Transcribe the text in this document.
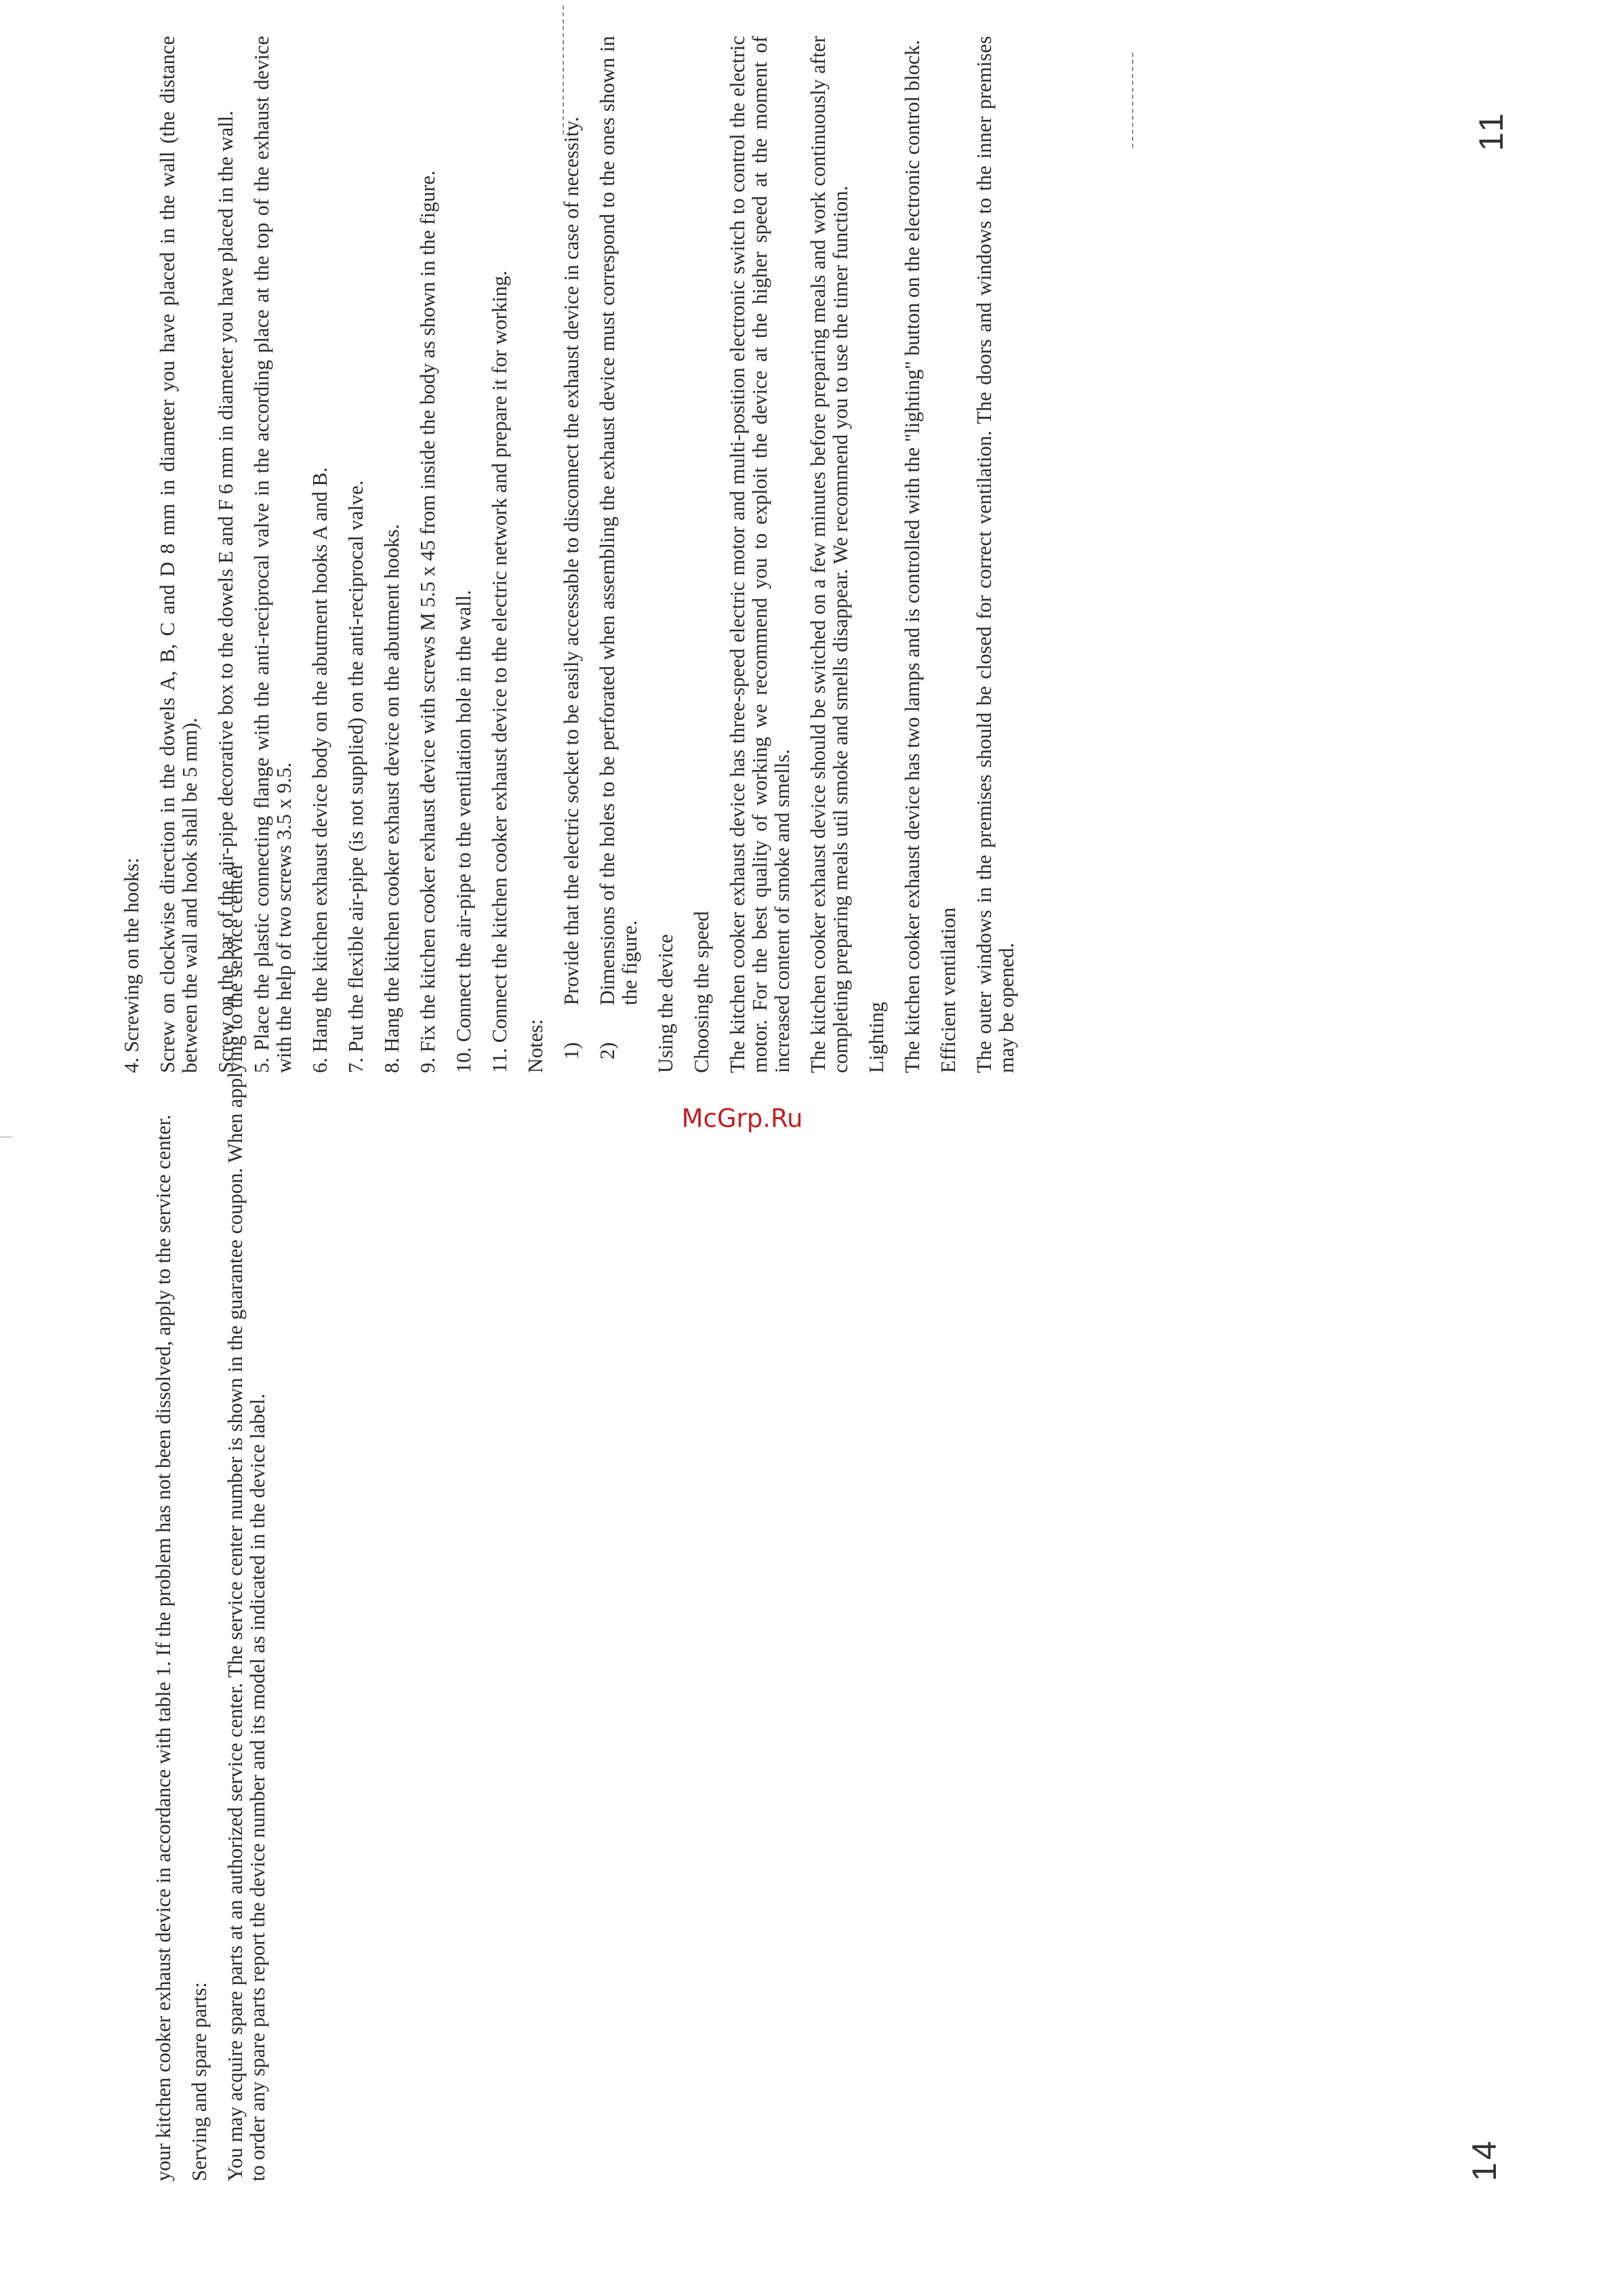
your kitchen cooker exhaust device in accordance with table 1. If the problem has not been dissolved, apply to the service center. Serving and spare parts: You may acquire spare parts at an authorized service center. The service center number is shown in the guarantee coupon. When applying to the service center to order any spare parts report the device number and its model as indicated in the device label.	14

4. Screwing on the hooks: Screw on clockwise direction in the dowels A, B, C and D 8 mm in diameter you have placed in the wall (the distance between the wall and hook shall be 5 mm). Screw on the bar of the air-pipe decorative box to the dowels E and F 6 mm in diameter you have placed in the wall. 5. Place the plastic connecting flange with the anti-reciprocal valve in the according place at the top of the exhaust device with the help of two screws 3.5 x 9.5. 6. Hang the kitchen exhaust device body on the abutment hooks A and B. 7. Put the flexible air-pipe (is not supplied) on the anti-reciprocal valve. 8. Hang the kitchen cooker exhaust device on the abutment hooks. 9. Fix the kitchen cooker exhaust device with screws M 5.5 x 45 from inside the body as shown in the figure. 10. Connect the air-pipe to the ventilation hole in the wall. 11. Connect the kitchen cooker exhaust device to the electric network and prepare it for working. Notes: 1)
Provide that the electric socket to be easily accessable to disconnect the exhaust device in case of necessity.
2)
Dimensions of the holes to be perforated when assembling the exhaust device must correspond to the ones shown in the figure. Using the device Choosing the speed The kitchen cooker exhaust device has three-speed electric motor and multi-position electronic switch to control the electric motor. For the best quality of working we recommend you to exploit the device at the higher speed at the moment of increased content of smoke and smells. The kitchen cooker exhaust device should be switched on a few minutes before preparing meals and work continuously after completing preparing meals util smoke and smells disappear. We recommend you to use the timer function. Lighting The kitchen cooker exhaust device has two lamps and is controlled with the "lighting" button on the electronic control block. Efficient ventilation The outer windows in the premises should be closed for correct ventilation. The doors and windows to the inner premises may be opened.

11
McGrp.Ru
